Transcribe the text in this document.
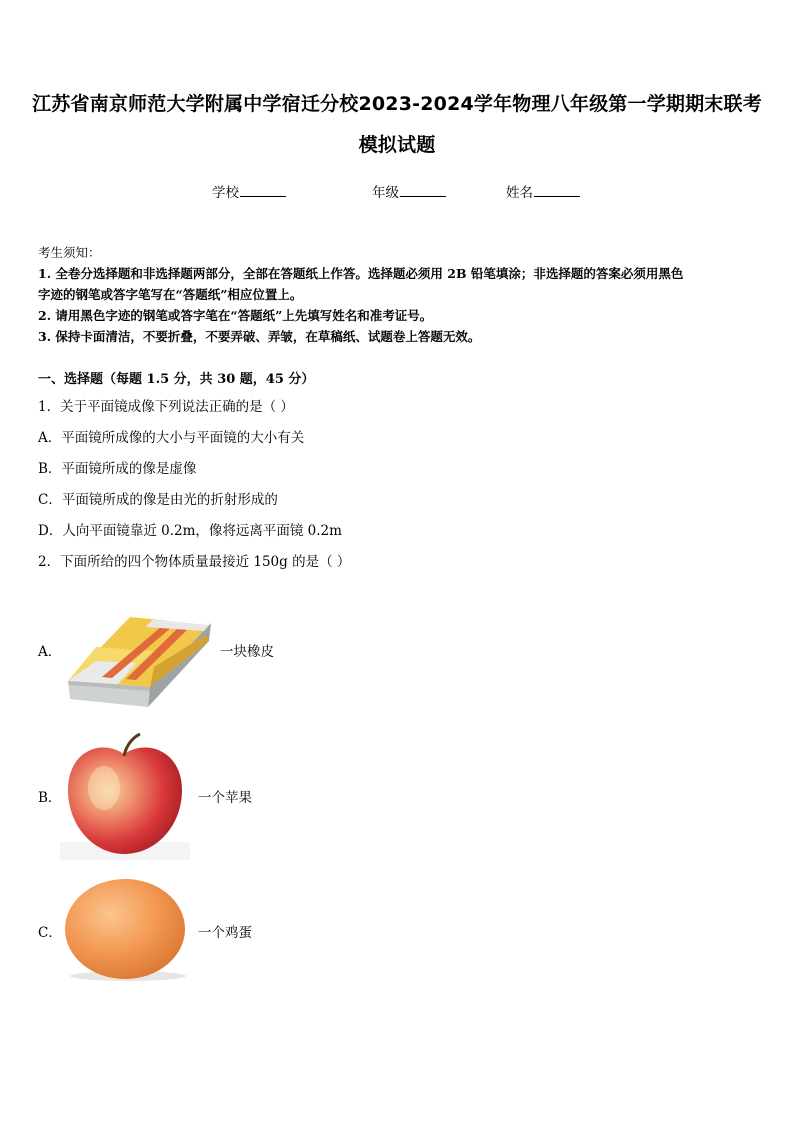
江苏省南京师范大学附属中学宿迁分校2023-2024学年物理八年级第一学期期末联考
模拟试题
学校	年级	姓名
考生须知：
1. 全卷分选择题和非选择题两部分，全部在答题纸上作答。选择题必须用 2B 铅笔填涂；非选择题的答案必须用黑色
字迹的钢笔或答字笔写在“答题纸”相应位置上。
2. 请用黑色字迹的钢笔或答字笔在“答题纸”上先填写姓名和准考证号。
3. 保持卡面清洁，不要折叠，不要弄破、弄皱，在草稿纸、试题卷上答题无效。
一、选择题（每题 1.5 分，共 30 题，45 分）
1．关于平面镜成像下列说法正确的是（ ）
A．平面镜所成像的大小与平面镜的大小有关
B．平面镜所成的像是虚像
C．平面镜所成的像是由光的折射形成的
D．人向平面镜靠近 0.2m，像将远离平面镜 0.2m
2．下面所给的四个物体质量最接近 150g 的是（ ）
A．	一块橡皮
B．	一个苹果
C．	一个鸡蛋
